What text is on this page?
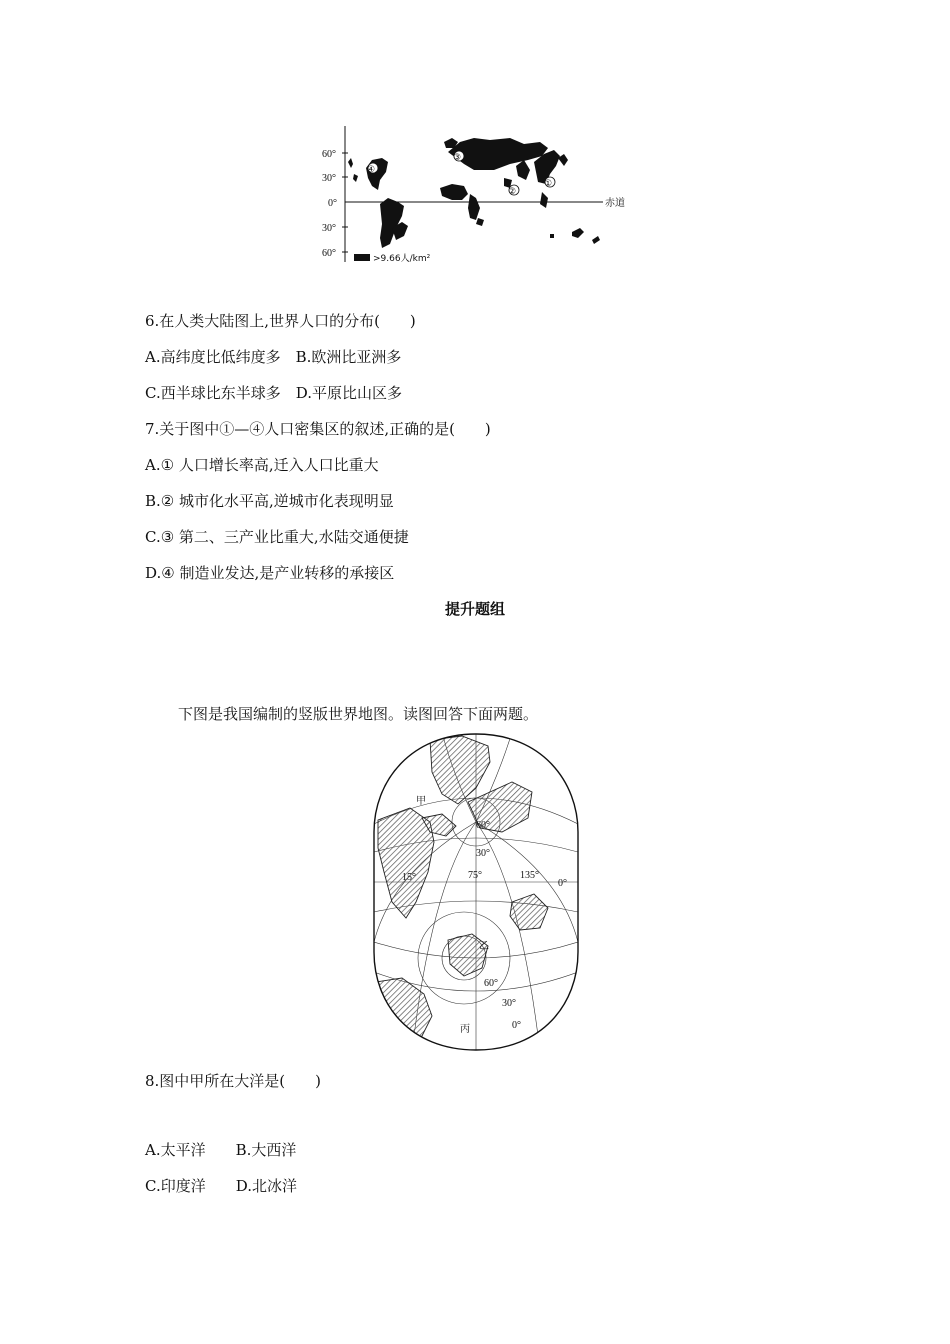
60°
30°
0°
30°
60°
赤道
④
③
②
①
>9.66人/km²
6.在人类大陆图上,世界人口的分布(　　)
A.高纬度比低纬度多　B.欧洲比亚洲多
C.西半球比东半球多　D.平原比山区多
7.关于图中①—④人口密集区的叙述,正确的是(　　)
A.① 人口增长率高,迁入人口比重大
B.② 城市化水平高,逆城市化表现明显
C.③ 第二、三产业比重大,水陆交通便捷
D.④ 制造业发达,是产业转移的承接区
提升题组
下图是我国编制的竖版世界地图。读图回答下面两题。
甲
乙
丙
60°
30°
15°	75°	135°
0°
60°
30°
0°
8.图中甲所在大洋是(　　)
A.太平洋　　B.大西洋
C.印度洋　　D.北冰洋
